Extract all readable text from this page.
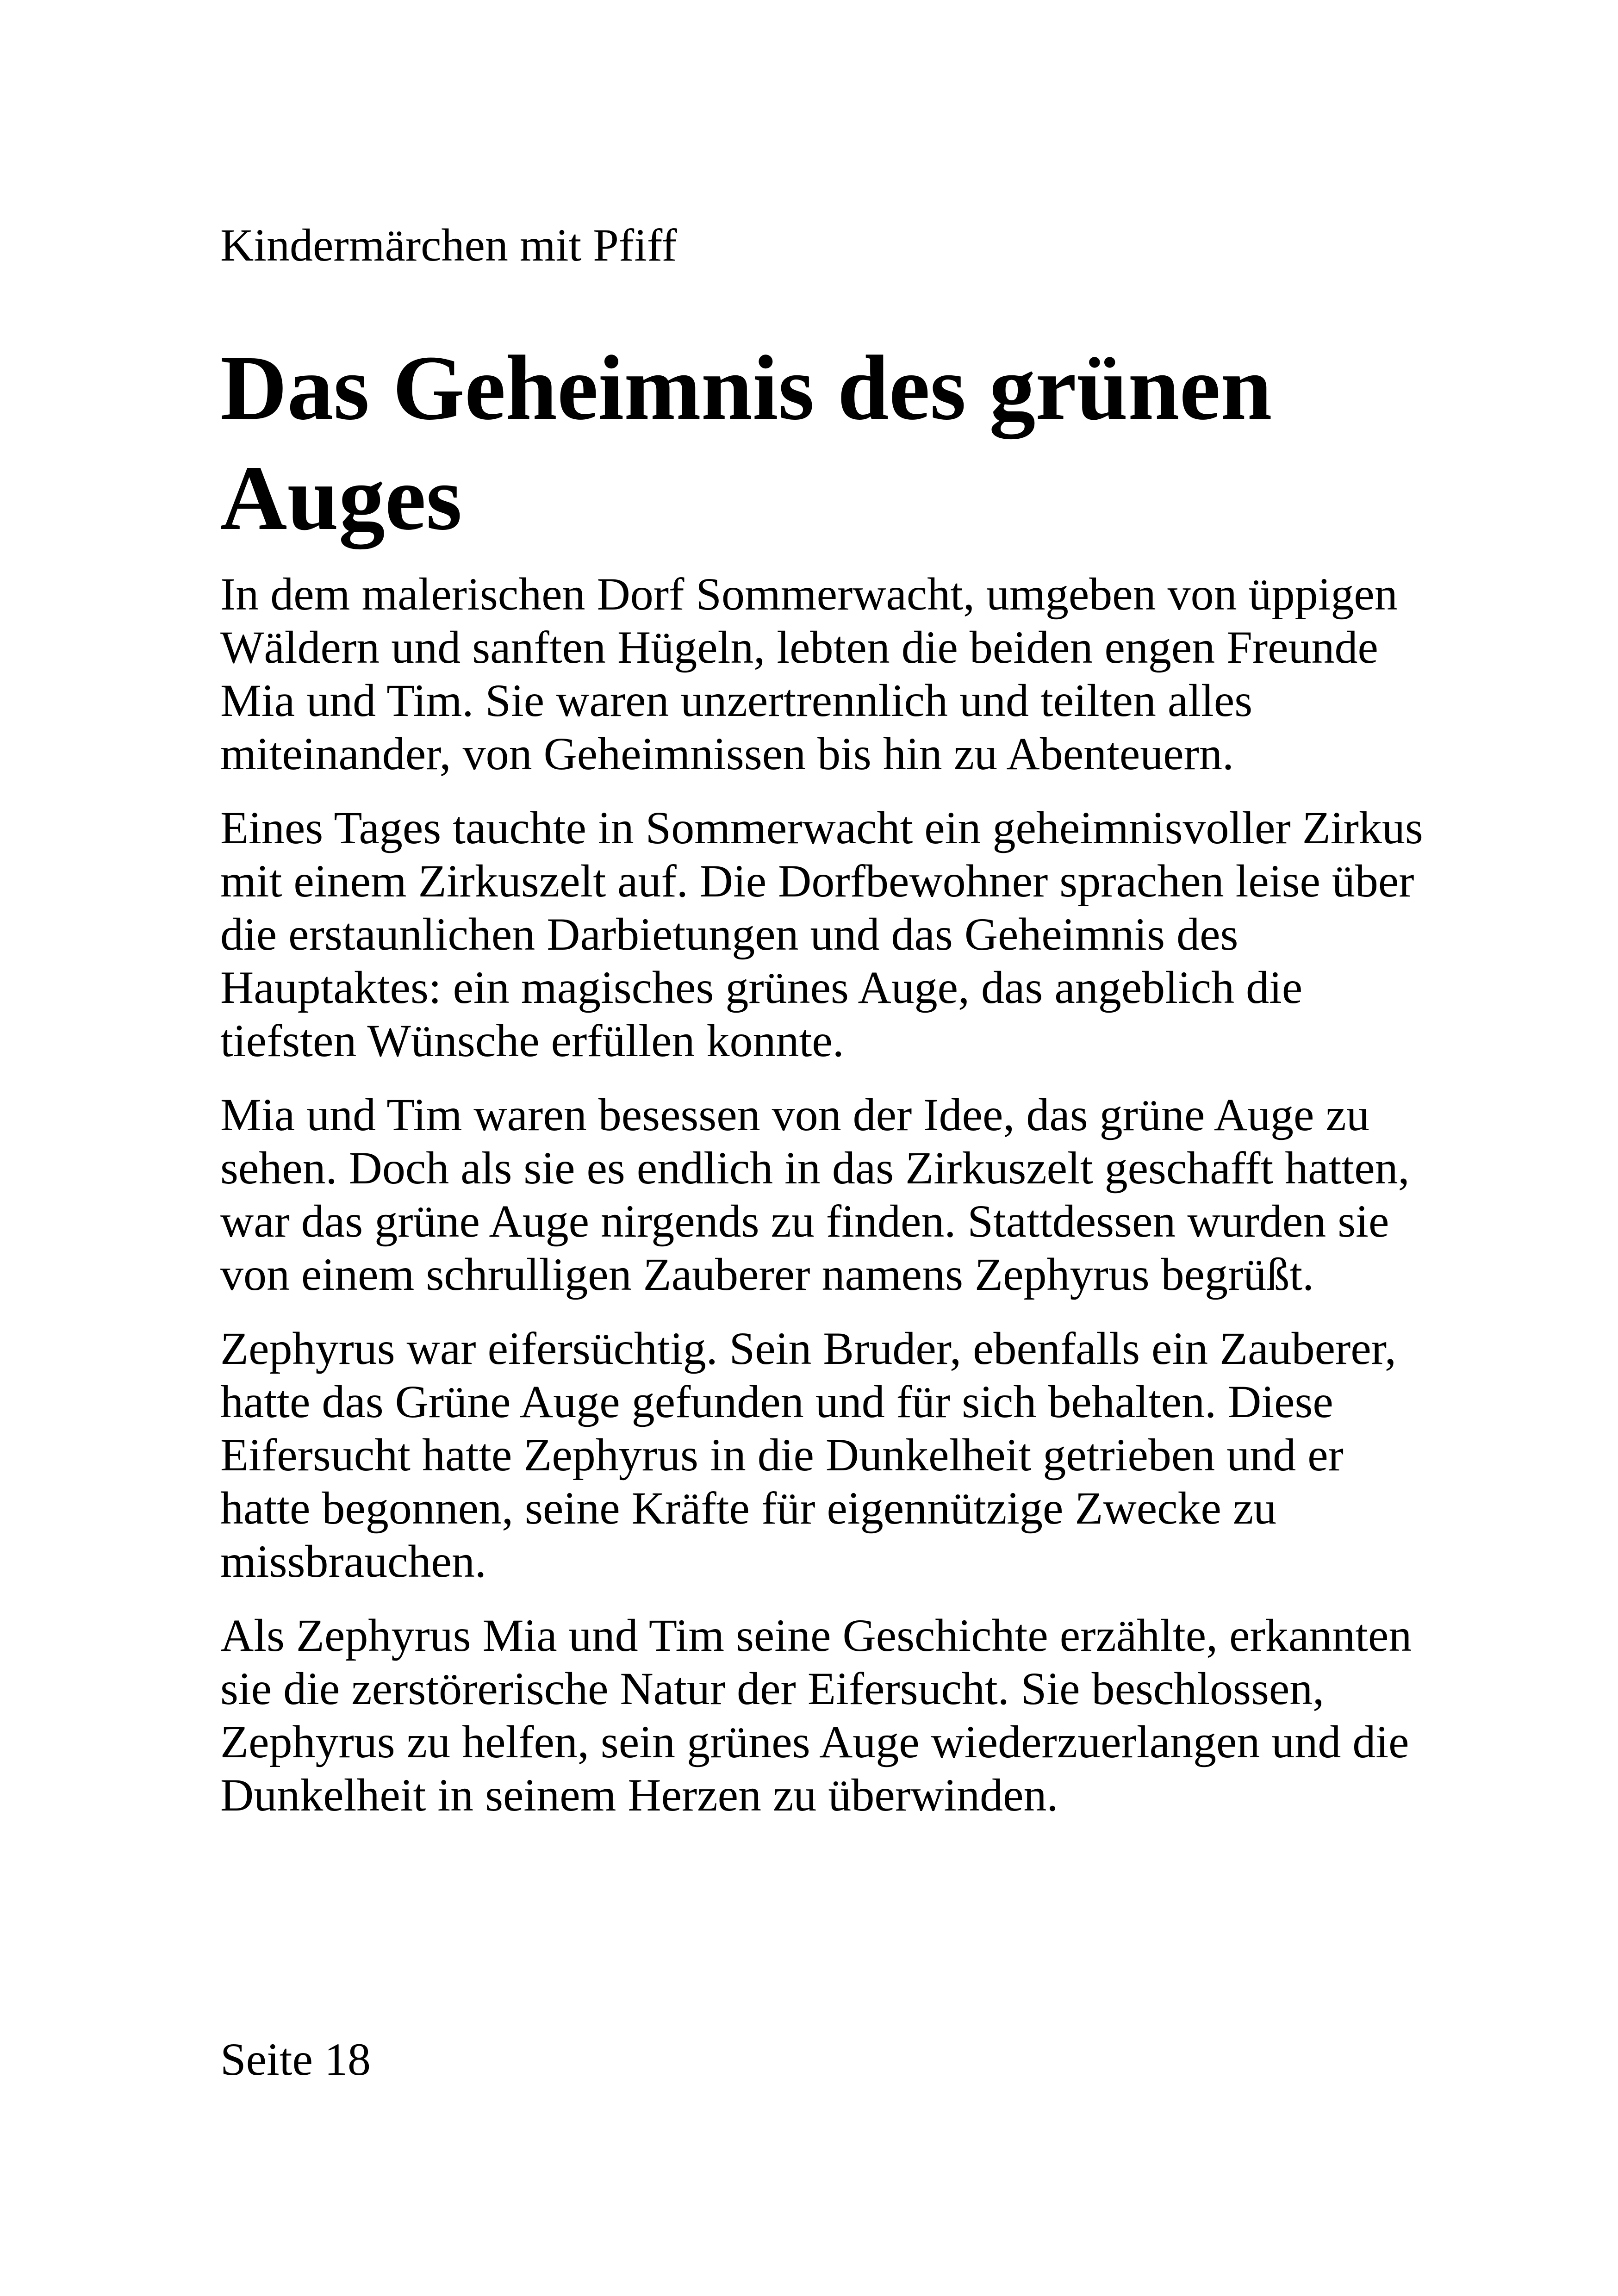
Kindermärchen mit Pfiff
Das Geheimnis des grünen Auges

In dem malerischen Dorf Sommerwacht, umgeben von üppigen Wäldern und sanften Hügeln, lebten die beiden engen Freunde Mia und Tim. Sie waren unzertrennlich und teilten alles miteinander, von Geheimnissen bis hin zu Abenteuern.

Eines Tages tauchte in Sommerwacht ein geheimnisvoller Zirkus mit einem Zirkuszelt auf. Die Dorfbewohner sprachen leise über die erstaunlichen Darbietungen und das Geheimnis des Hauptaktes: ein magisches grünes Auge, das angeblich die tiefsten Wünsche erfüllen konnte.

Mia und Tim waren besessen von der Idee, das grüne Auge zu sehen. Doch als sie es endlich in das Zirkuszelt geschafft hatten, war das grüne Auge nirgends zu finden. Stattdessen wurden sie von einem schrulligen Zauberer namens Zephyrus begrüßt.

Zephyrus war eifersüchtig. Sein Bruder, ebenfalls ein Zauberer, hatte das Grüne Auge gefunden und für sich behalten. Diese Eifersucht hatte Zephyrus in die Dunkelheit getrieben und er hatte begonnen, seine Kräfte für eigennützige Zwecke zu missbrauchen.

Als Zephyrus Mia und Tim seine Geschichte erzählte, erkannten sie die zerstörerische Natur der Eifersucht. Sie beschlossen, Zephyrus zu helfen, sein grünes Auge wiederzuerlangen und die Dunkelheit in seinem Herzen zu überwinden.

Seite 18
